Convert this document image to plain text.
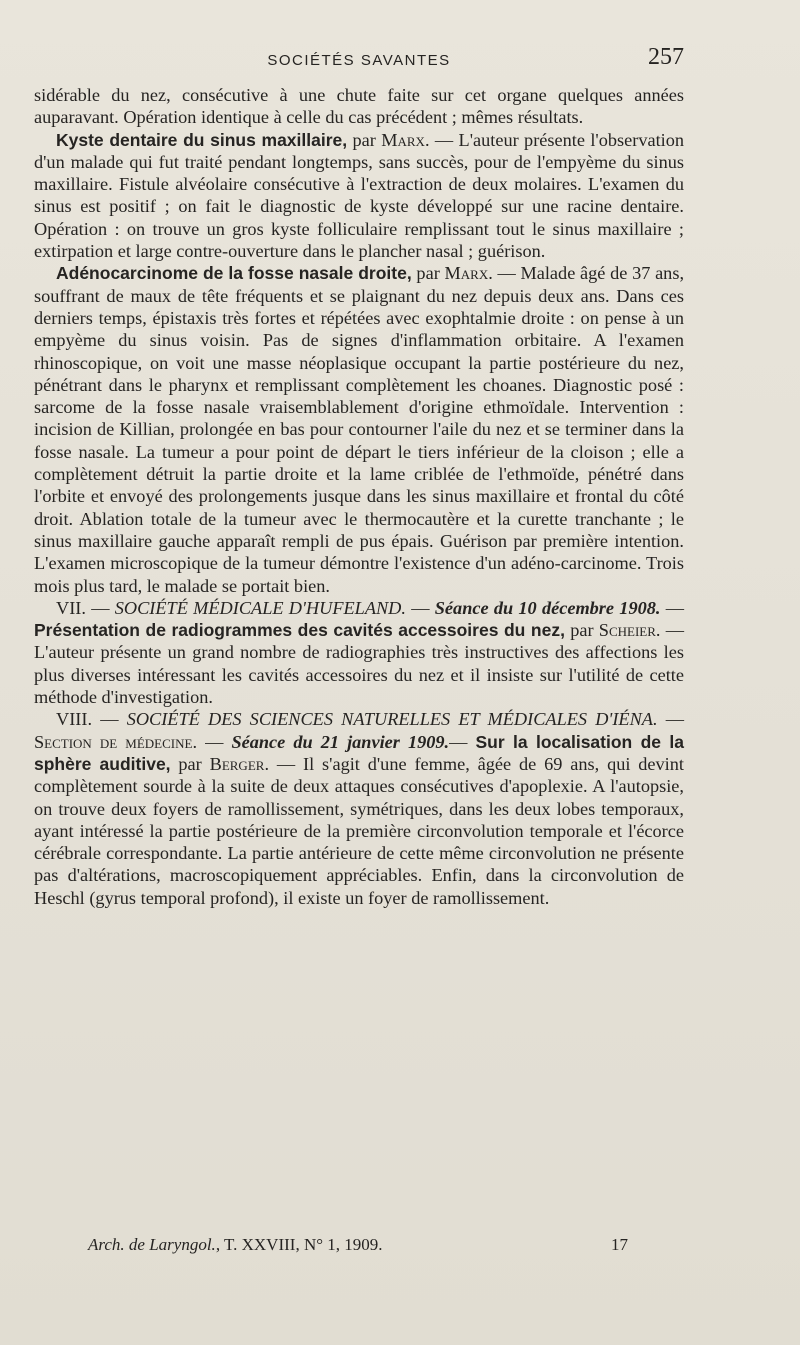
SOCIÉTÉS SAVANTES	257

sidérable du nez, consécutive à une chute faite sur cet organe quelques années auparavant. Opération identique à celle du cas précédent ; mêmes résultats.

Kyste dentaire du sinus maxillaire, par Marx. — L'auteur présente l'observation d'un malade qui fut traité pendant longtemps, sans succès, pour de l'empyème du sinus maxillaire. Fistule alvéolaire consécutive à l'extraction de deux molaires. L'examen du sinus est positif ; on fait le diagnostic de kyste développé sur une racine dentaire. Opération : on trouve un gros kyste folliculaire remplissant tout le sinus maxillaire ; extirpation et large contre-ouverture dans le plancher nasal ; guérison.

Adénocarcinome de la fosse nasale droite, par Marx. — Malade âgé de 37 ans, souffrant de maux de tête fréquents et se plaignant du nez depuis deux ans. Dans ces derniers temps, épistaxis très fortes et répétées avec exophtalmie droite : on pense à un empyème du sinus voisin. Pas de signes d'inflammation orbitaire. A l'examen rhinoscopique, on voit une masse néoplasique occupant la partie postérieure du nez, pénétrant dans le pharynx et remplissant complètement les choanes. Diagnostic posé : sarcome de la fosse nasale vraisemblablement d'origine ethmoïdale. Intervention : incision de Killian, prolongée en bas pour contourner l'aile du nez et se terminer dans la fosse nasale. La tumeur a pour point de départ le tiers inférieur de la cloison ; elle a complètement détruit la partie droite et la lame criblée de l'ethmoïde, pénétré dans l'orbite et envoyé des prolongements jusque dans les sinus maxillaire et frontal du côté droit. Ablation totale de la tumeur avec le thermocautère et la curette tranchante ; le sinus maxillaire gauche apparaît rempli de pus épais. Guérison par première intention. L'examen microscopique de la tumeur démontre l'existence d'un adéno-carcinome. Trois mois plus tard, le malade se portait bien.

VII. — SOCIÉTÉ MÉDICALE D'HUFELAND. — Séance du 10 décembre 1908. —Présentation de radiogrammes des cavités accessoires du nez, par Scheier. — L'auteur présente un grand nombre de radiographies très instructives des affections les plus diverses intéressant les cavités accessoires du nez et il insiste sur l'utilité de cette méthode d'investigation.

VIII. — SOCIÉTÉ DES SCIENCES NATURELLES ET MÉDICALES D'IÉNA. — Section de médecine. — Séance du 21 janvier 1909.— Sur la localisation de la sphère auditive, par Berger. — Il s'agit d'une femme, âgée de 69 ans, qui devint complètement sourde à la suite de deux attaques consécutives d'apoplexie. A l'autopsie, on trouve deux foyers de ramollissement, symétriques, dans les deux lobes temporaux, ayant intéressé la partie postérieure de la première circonvolution temporale et l'écorce cérébrale correspondante. La partie antérieure de cette même circonvolution ne présente pas d'altérations, macroscopiquement appréciables. Enfin, dans la circonvolution de Heschl (gyrus temporal profond), il existe un foyer de ramollissement.

Arch. de Laryngol., T. XXVIII, N° 1, 1909.	17
